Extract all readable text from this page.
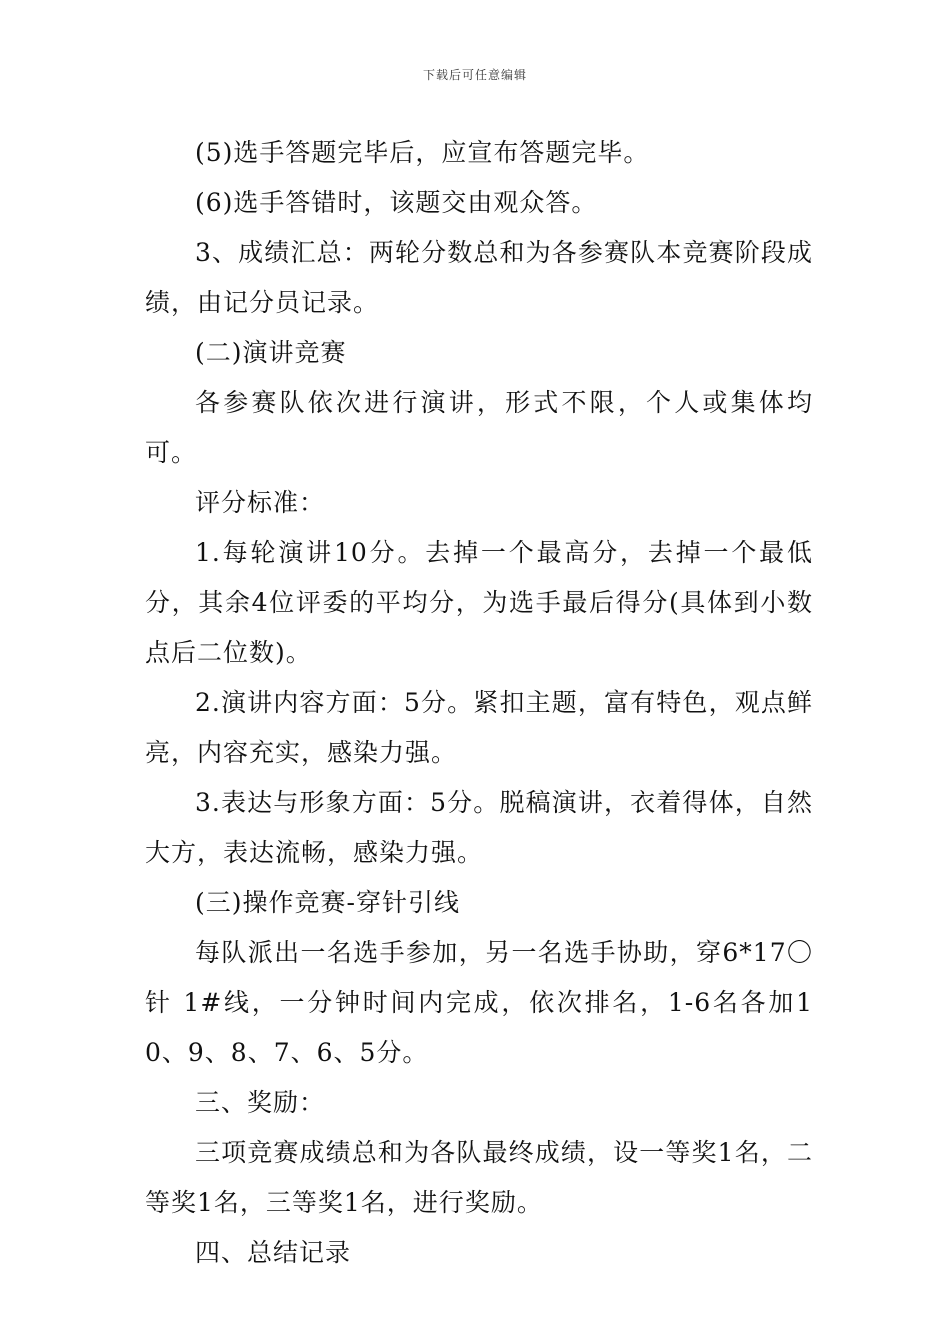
下载后可任意编辑

(5)选手答题完毕后，应宣布答题完毕。

(6)选手答错时，该题交由观众答。

3、成绩汇总：两轮分数总和为各参赛队本竞赛阶段成绩，由记分员记录。

(二)演讲竞赛

各参赛队依次进行演讲，形式不限，个人或集体均可。

评分标准：

1.每轮演讲10分。去掉一个最高分，去掉一个最低分，其余4位评委的平均分，为选手最后得分(具体到小数点后二位数)。

2.演讲内容方面：5分。紧扣主题，富有特色，观点鲜亮，内容充实，感染力强。

3.表达与形象方面：5分。脱稿演讲，衣着得体，自然大方，表达流畅，感染力强。

(三)操作竞赛-穿针引线

每队派出一名选手参加，另一名选手协助，穿6*17〇针 1#线，一分钟时间内完成，依次排名，1-6名各加10、9、8、7、6、5分。

三、奖励：

三项竞赛成绩总和为各队最终成绩，设一等奖1名，二等奖1名，三等奖1名，进行奖励。

四、总结记录
